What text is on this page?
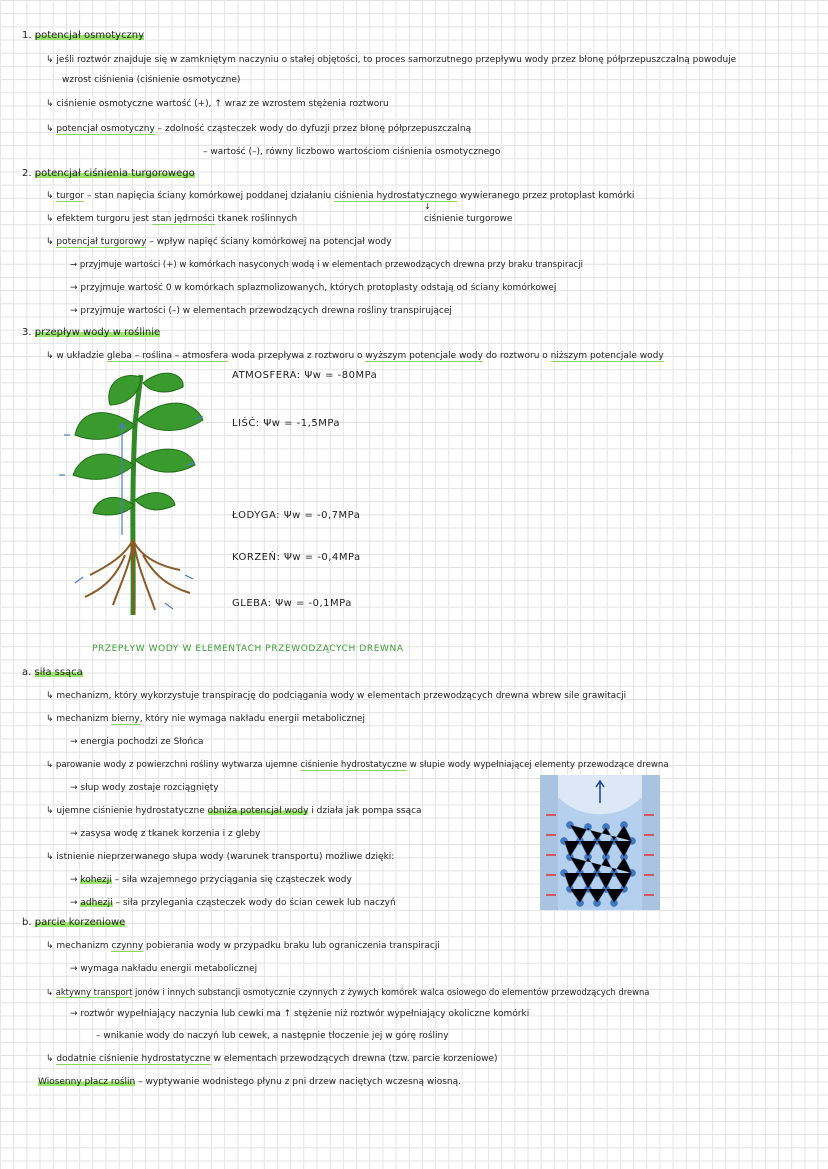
1. potencjał osmotyczny
↳ jeśli roztwór znajduje się w zamkniętym naczyniu o stałej objętości, to proces samorzutnego przepływu wody przez błonę półprzepuszczalną powoduje
wzrost ciśnienia (ciśnienie osmotyczne)
↳ ciśnienie osmotyczne wartość (+), ↑ wraz ze wzrostem stężenia roztworu
↳ potencjał osmotyczny – zdolność cząsteczek wody do dyfuzji przez błonę półprzepuszczalną
– wartość (–), równy liczbowo wartościom ciśnienia osmotycznego
2. potencjał ciśnienia turgorowego
↳ turgor – stan napięcia ściany komórkowej poddanej działaniu ciśnienia hydrostatycznego wywieranego przez protoplast komórki
↳ efektem turgoru jest stan jędrności tkanek roślinnych
↓
ciśnienie turgorowe
↳ potencjał turgorowy – wpływ napięć ściany komórkowej na potencjał wody
→ przyjmuje wartości (+) w komórkach nasyconych wodą i w elementach przewodzących drewna przy braku transpiracji
→ przyjmuje wartość 0 w komórkach splazmolizowanych, których protoplasty odstają od ściany komórkowej
→ przyjmuje wartości (–) w elementach przewodzących drewna rośliny transpirującej
3. przepływ wody w roślinie
↳ w układzie gleba – roślina – atmosfera woda przepływa z roztworu o wyższym potencjale wody do roztworu o niższym potencjale wody
ATMOSFERA: Ψw = -80MPa
LIŚĆ: Ψw = -1,5MPa
ŁODYGA: Ψw = -0,7MPa
KORZEŃ: Ψw = -0,4MPa
GLEBA: Ψw = -0,1MPa
PRZEPŁYW WODY W ELEMENTACH PRZEWODZĄCYCH DREWNA
a. siła ssąca
↳ mechanizm, który wykorzystuje transpirację do podciągania wody w elementach przewodzących drewna wbrew sile grawitacji
↳ mechanizm bierny, który nie wymaga nakładu energii metabolicznej
→ energia pochodzi ze Słońca
↳ parowanie wody z powierzchni rośliny wytwarza ujemne ciśnienie hydrostatyczne w słupie wody wypełniającej elementy przewodzące drewna
→ słup wody zostaje rozciągnięty
↳ ujemne ciśnienie hydrostatyczne obniża potencjał wody i działa jak pompa ssąca
→ zasysa wodę z tkanek korzenia i z gleby
↳ istnienie nieprzerwanego słupa wody (warunek transportu) możliwe dzięki:
→ kohezji – siła wzajemnego przyciągania się cząsteczek wody
→ adhezji – siła przylegania cząsteczek wody do ścian cewek lub naczyń
b. parcie korzeniowe
↳ mechanizm czynny pobierania wody w przypadku braku lub ograniczenia transpiracji
→ wymaga nakładu energii metabolicznej
↳ aktywny transport jonów i innych substancji osmotycznie czynnych z żywych komórek walca osiowego do elementów przewodzących drewna
→ roztwór wypełniający naczynia lub cewki ma ↑ stężenie niż roztwór wypełniający okoliczne komórki
– wnikanie wody do naczyń lub cewek, a następnie tłoczenie jej w górę rośliny
↳ dodatnie ciśnienie hydrostatyczne w elementach przewodzących drewna (tzw. parcie korzeniowe)
Wiosenny płacz roślin – wyptywanie wodnistego płynu z pni drzew naciętych wczesną wiosną.
